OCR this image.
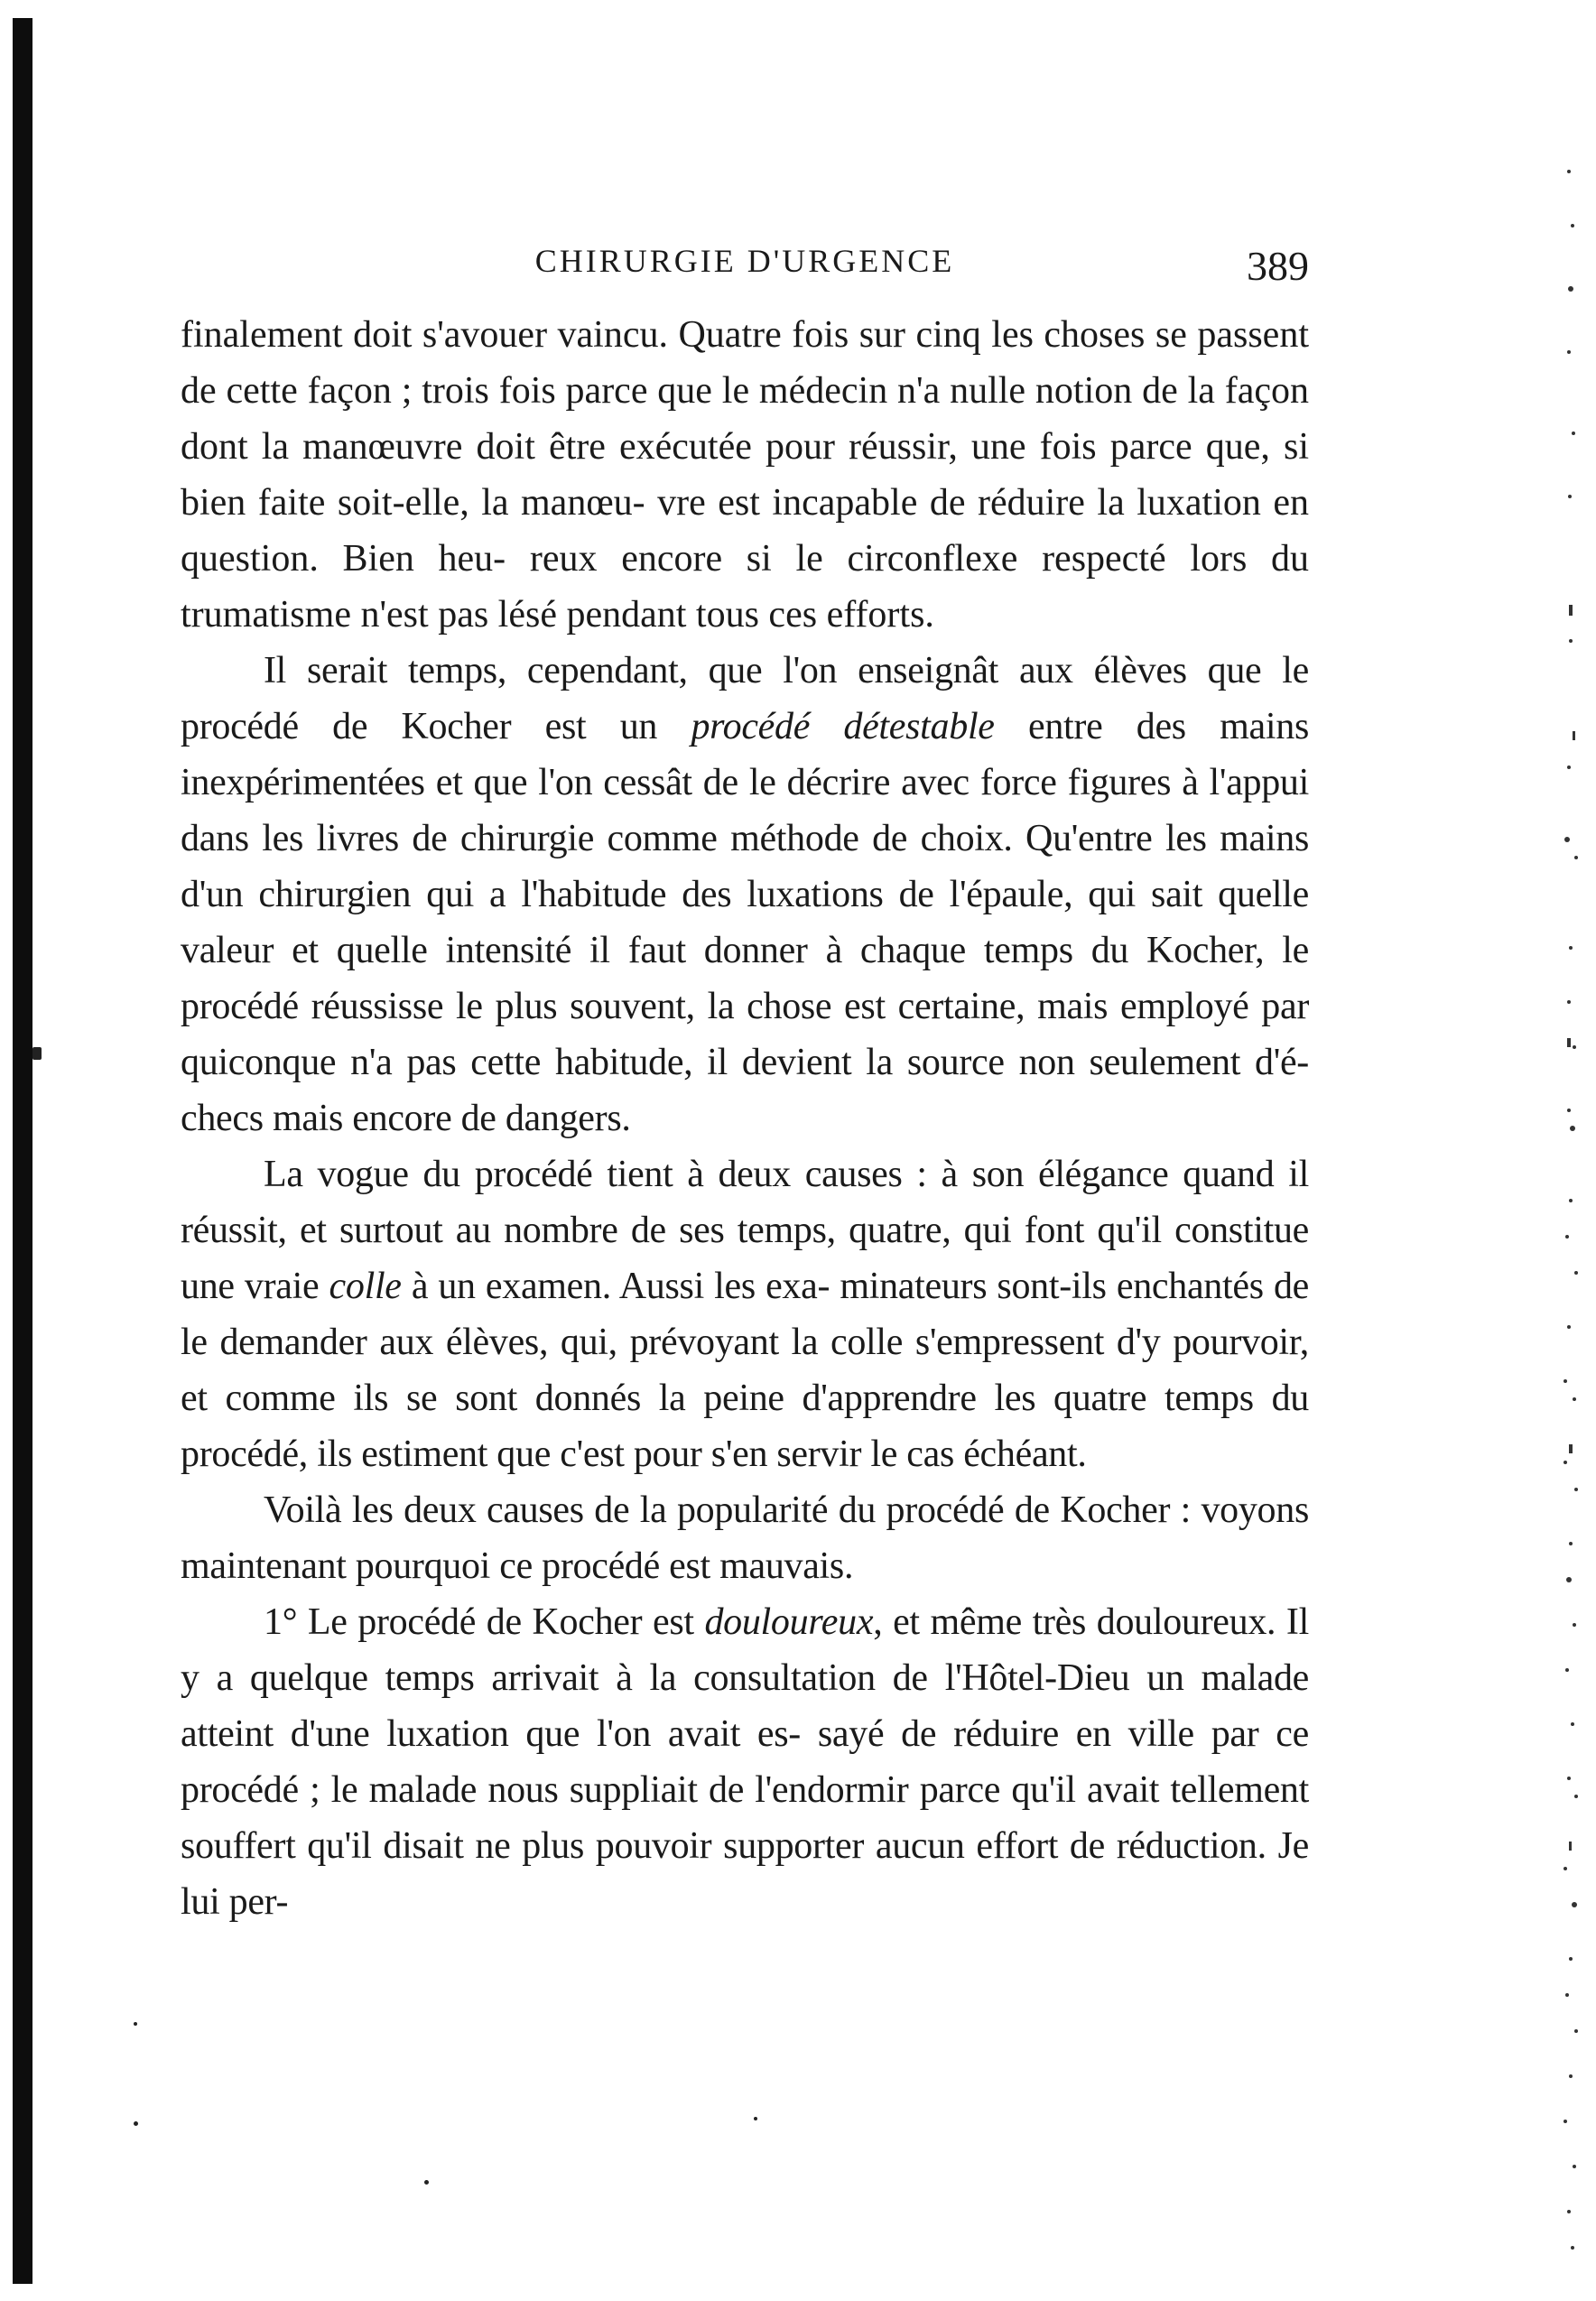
CHIRURGIE D'URGENCE	389

finalement doit s'avouer vaincu. Quatre fois sur cinq les choses se passent de cette façon ; trois fois parce que le médecin n'a nulle notion de la façon dont la manœuvre doit être exécutée pour réussir, une fois parce que, si bien faite soit-elle, la manœu- vre est incapable de réduire la luxation en question. Bien heu- reux encore si le circonflexe respecté lors du trumatisme n'est pas lésé pendant tous ces efforts.

Il serait temps, cependant, que l'on enseignât aux élèves que le procédé de Kocher est un procédé détestable entre des mains inexpérimentées et que l'on cessât de le décrire avec force figures à l'appui dans les livres de chirurgie comme méthode de choix. Qu'entre les mains d'un chirurgien qui a l'habitude des luxations de l'épaule, qui sait quelle valeur et quelle intensité il faut donner à chaque temps du Kocher, le procédé réussisse le plus souvent, la chose est certaine, mais employé par quiconque n'a pas cette habitude, il devient la source non seulement d'é- checs mais encore de dangers.

La vogue du procédé tient à deux causes : à son élégance quand il réussit, et surtout au nombre de ses temps, quatre, qui font qu'il constitue une vraie colle à un examen. Aussi les exa- minateurs sont-ils enchantés de le demander aux élèves, qui, prévoyant la colle s'empressent d'y pourvoir, et comme ils se sont donnés la peine d'apprendre les quatre temps du procédé, ils estiment que c'est pour s'en servir le cas échéant.

Voilà les deux causes de la popularité du procédé de Kocher : voyons maintenant pourquoi ce procédé est mauvais.

1° Le procédé de Kocher est douloureux, et même très douloureux. Il y a quelque temps arrivait à la consultation de l'Hôtel-Dieu un malade atteint d'une luxation que l'on avait es- sayé de réduire en ville par ce procédé ; le malade nous suppliait de l'endormir parce qu'il avait tellement souffert qu'il disait ne plus pouvoir supporter aucun effort de réduction. Je lui per-
